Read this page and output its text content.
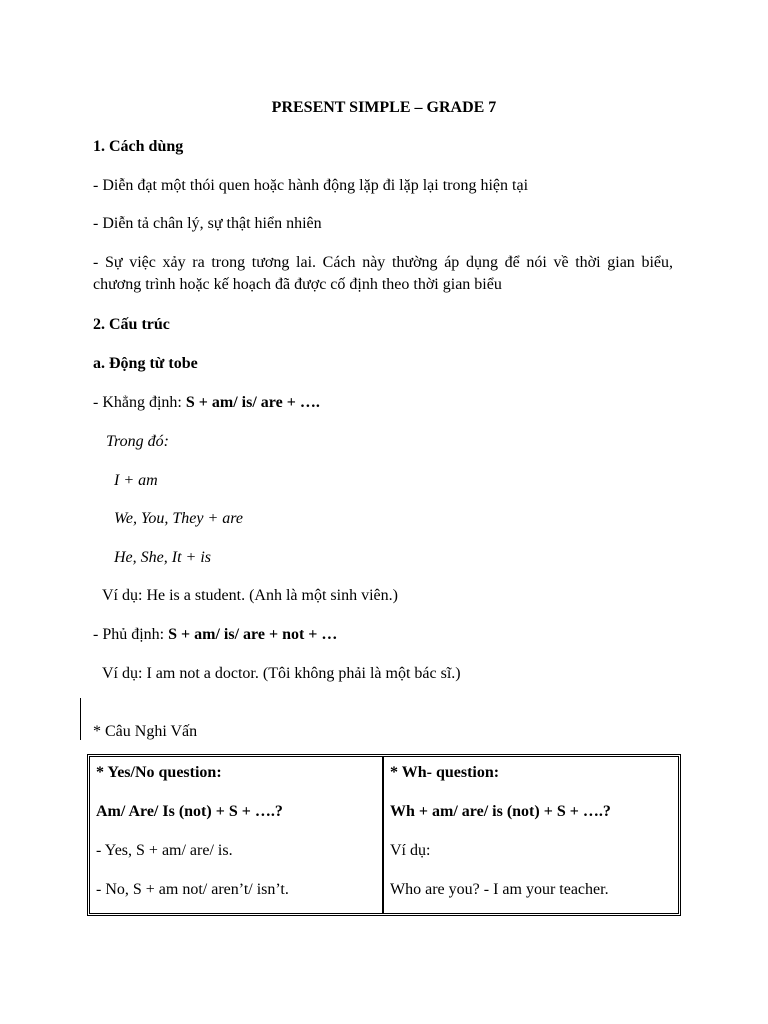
PRESENT SIMPLE – GRADE 7
1. Cách dùng
- Diễn đạt một thói quen hoặc hành động lặp đi lặp lại trong hiện tại
- Diễn tả chân lý, sự thật hiển nhiên
- Sự việc xảy ra trong tương lai. Cách này thường áp dụng để nói về thời gian biểu, chương trình hoặc kế hoạch đã được cố định theo thời gian biểu
2. Cấu trúc
a. Động từ tobe
- Khẳng định: S + am/ is/ are + ….
Trong đó:
I + am
We, You, They + are
He, She, It + is
Ví dụ: He is a student. (Anh là một sinh viên.)
- Phủ định: S + am/ is/ are + not + …
Ví dụ: I am not a doctor. (Tôi không phải là một bác sĩ.)
* Câu Nghi Vấn
* Yes/No question:
Am/ Are/ Is (not) + S + ….?
- Yes, S + am/ are/ is.
- No, S + am not/ aren’t/ isn’t.

* Wh- question:
Wh + am/ are/ is (not) + S + ….?
Ví dụ:
Who are you? - I am your teacher.
